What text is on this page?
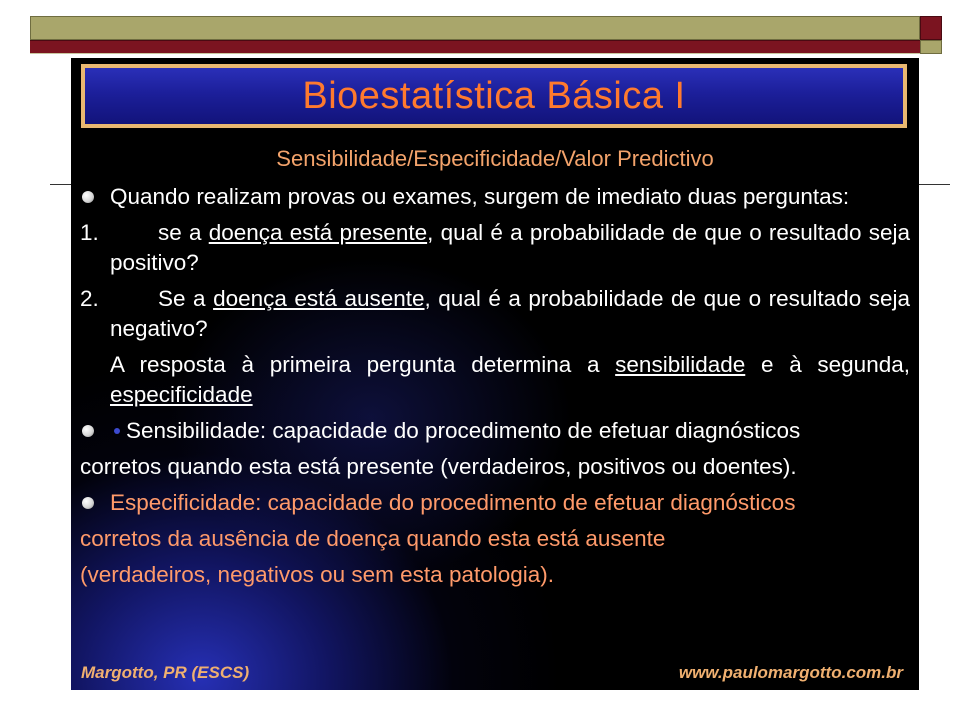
Bioestatística Básica I
Sensibilidade/Especificidade/Valor Predictivo
Quando realizam provas ou exames, surgem de imediato duas perguntas:
1.	se a doença está presente, qual é a probabilidade de que o resultado seja positivo?
2.	Se a doença está ausente, qual é a probabilidade de que o resultado seja negativo?
A resposta à primeira pergunta determina a sensibilidade e à segunda, especificidade
Sensibilidade: capacidade do procedimento de efetuar diagnósticos
corretos quando esta está presente (verdadeiros, positivos ou doentes).
Especificidade: capacidade do procedimento de efetuar diagnósticos
corretos da ausência de doença quando esta está ausente
(verdadeiros, negativos ou sem esta patologia).
Margotto, PR (ESCS)	www.paulomargotto.com.br
